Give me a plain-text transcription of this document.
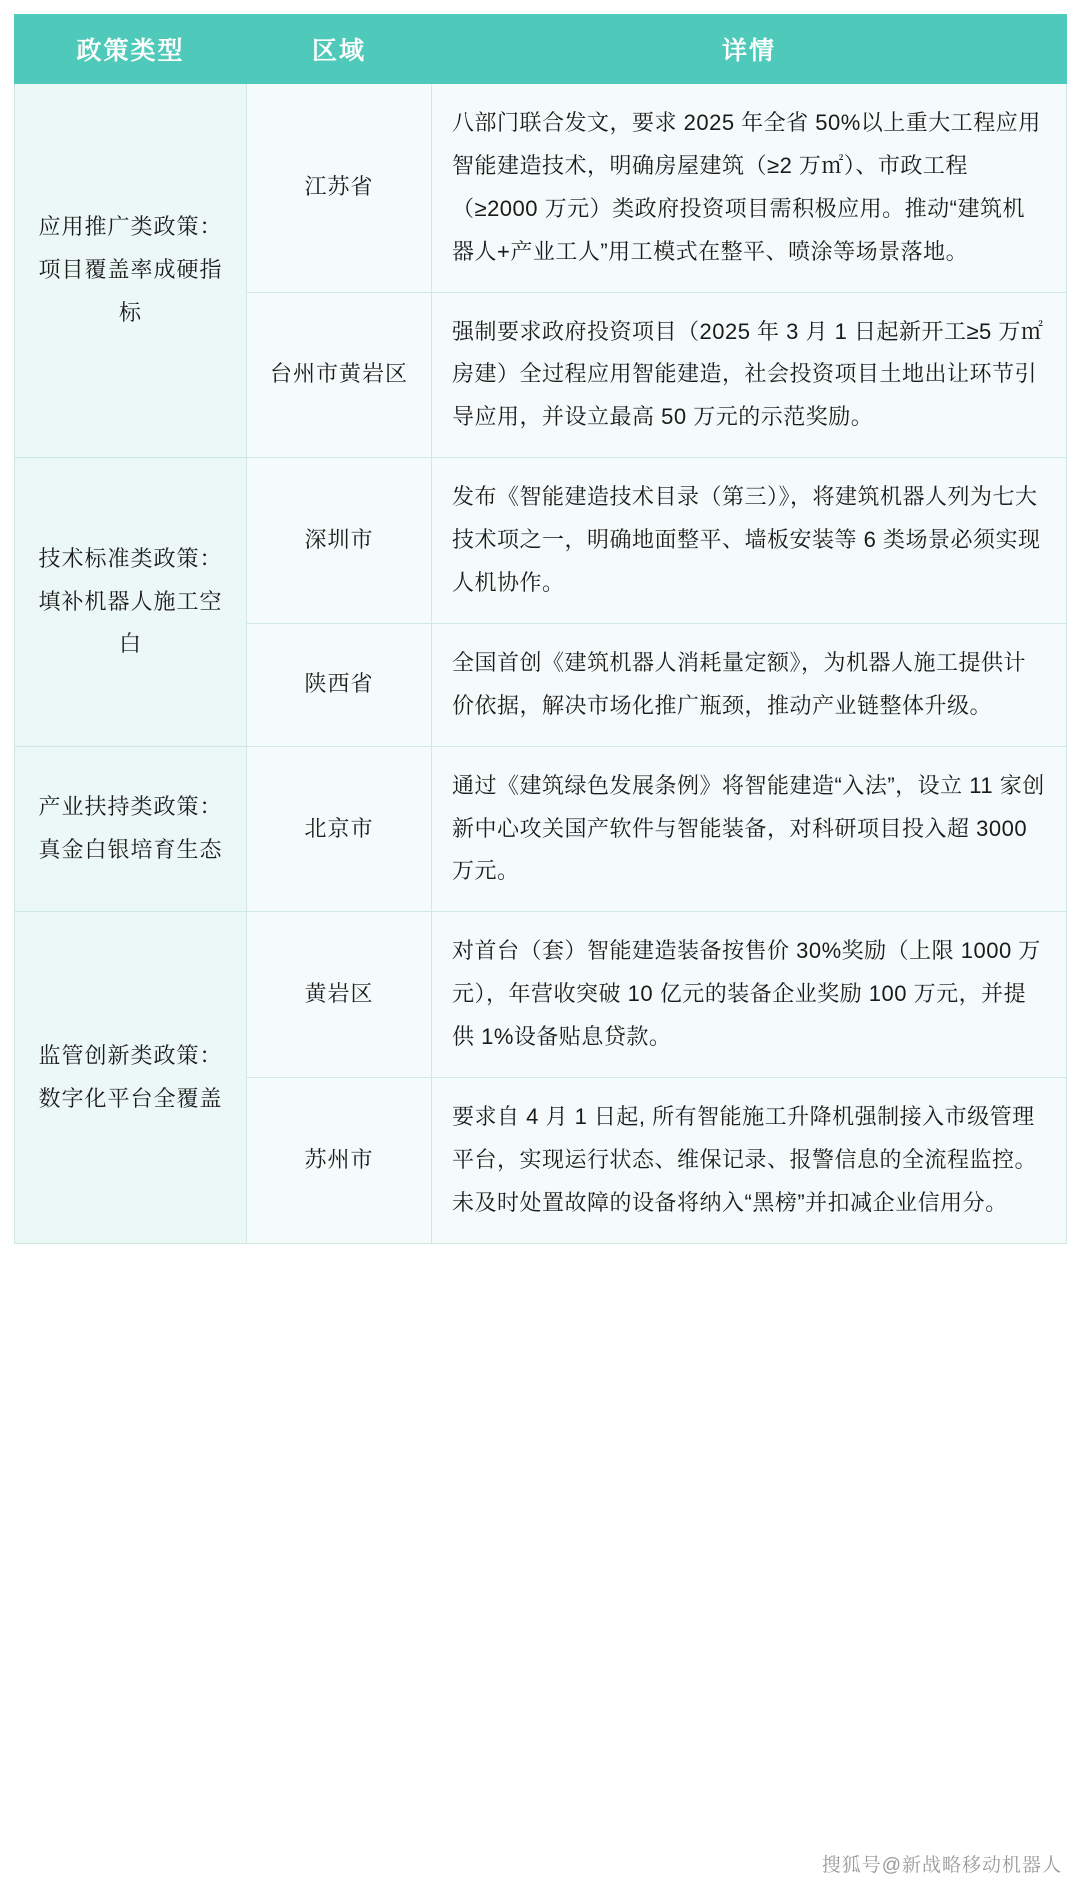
政策类型	区域	详情
应用推广类政策：项目覆盖率成硬指标	江苏省	八部门联合发文，要求 2025 年全省 50%以上重大工程应用智能建造技术，明确房屋建筑（≥2 万㎡）、市政工程（≥2000 万元）类政府投资项目需积极应用。推动“建筑机器人+产业工人”用工模式在整平、喷涂等场景落地。

	台州市黄岩区	强制要求政府投资项目（2025 年 3 月 1 日起新开工≥5 万㎡房建）全过程应用智能建造，社会投资项目土地出让环节引导应用，并设立最高 50 万元的示范奖励。

技术标准类政策：填补机器人施工空白	深圳市	发布《智能建造技术目录（第三）》，将建筑机器人列为七大技术项之一，明确地面整平、墙板安装等 6 类场景必须实现人机协作。

	陕西省	全国首创《建筑机器人消耗量定额》，为机器人施工提供计价依据，解决市场化推广瓶颈，推动产业链整体升级。

产业扶持类政策：真金白银培育生态	北京市	通过《建筑绿色发展条例》将智能建造“入法”，设立 11 家创新中心攻关国产软件与智能装备，对科研项目投入超 3000 万元。

监管创新类政策：数字化平台全覆盖	黄岩区	对首台（套）智能建造装备按售价 30%奖励（上限 1000 万元），年营收突破 10 亿元的装备企业奖励 100 万元，并提供 1%设备贴息贷款。

	苏州市	要求自 4 月 1 日起, 所有智能施工升降机强制接入市级管理平台，实现运行状态、维保记录、报警信息的全流程监控。未及时处置故障的设备将纳入“黑榜”并扣减企业信用分。

搜狐号@新战略移动机器人
